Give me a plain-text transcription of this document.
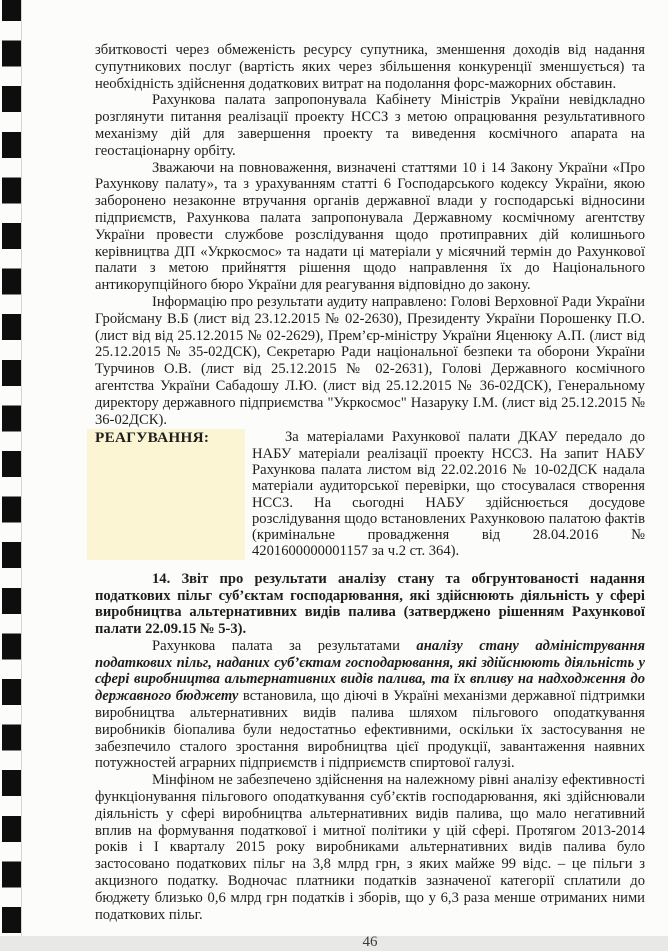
збитковості через обмеженість ресурсу супутника, зменшення доходів від надання супутникових послуг (вартість яких через збільшення конкуренції зменшується) та необхідність здійснення додаткових витрат на подолання форс-мажорних обставин.

Рахункова палата запропонувала Кабінету Міністрів України невідкладно розглянути питання реалізації проекту НССЗ з метою опрацювання результативного механізму дій для завершення проекту та виведення космічного апарата на геостаціонарну орбіту.

Зважаючи на повноваження, визначені статтями 10 і 14 Закону України «Про Рахункову палату», та з урахуванням статті 6 Господарського кодексу України, якою заборонено незаконне втручання органів державної влади у господарські відносини підприємств, Рахункова палата запропонувала Державному космічному агентству України провести службове розслідування щодо протиправних дій колишнього керівництва ДП «Укркосмос» та надати ці матеріали у місячний термін до Рахункової палати з метою прийняття рішення щодо направлення їх до Національного антикорупційного бюро України для реагування відповідно до закону.

Інформацію про результати аудиту направлено: Голові Верховної Ради України Гройсману В.Б (лист від 23.12.2015 № 02-2630), Президенту України Порошенку П.О. (лист від від 25.12.2015 № 02-2629), Прем’єр-міністру України Яценюку А.П. (лист від 25.12.2015 № 35-02ДСК), Секретарю Ради національної безпеки та оборони України Турчинов О.В. (лист від 25.12.2015 № 02-2631), Голові Державного космічного агентства України Сабадошу Л.Ю. (лист від 25.12.2015 № 36-02ДСК), Генеральному директору державного підприємства "Укркосмос" Назаруку І.М. (лист від 25.12.2015 № 36-02ДСК).

РЕАГУВАННЯ:	За матеріалами Рахункової палати ДКАУ передало до НАБУ матеріали реалізації проекту НССЗ. На запит НАБУ Рахункова палата листом від 22.02.2016 № 10-02ДСК надала матеріали аудиторської перевірки, що стосувалася створення НССЗ. На сьогодні НАБУ здійснюється досудове розслідування щодо встановлених Рахунковою палатою фактів (кримінальне провадження від 28.04.2016 № 4201600000001157 за ч.2 ст. 364).

14. Звіт про результати аналізу стану та обгрунтованості надання податкових пільг суб’єктам господарювання, які здійснюють діяльність у сфері виробництва альтернативних видів палива (затверджено рішенням Рахункової палати 22.09.15 № 5-3).

Рахункова палата за результатами аналізу стану адміністрування податкових пільг, наданих суб’єктам господарювання, які здійснюють діяльність у сфері виробництва альтернативних видів палива, та їх впливу на надходження до державного бюджету встановила, що діючі в Україні механізми державної підтримки виробництва альтернативних видів палива шляхом пільгового оподаткування виробників біопалива були недостатньо ефективними, оскільки їх застосування не забезпечило сталого зростання виробництва цієї продукції, завантаження наявних потужностей аграрних підприємств і підприємств спиртової галузі.

Мінфіном не забезпечено здійснення на належному рівні аналізу ефективності функціонування пільгового оподаткування суб’єктів господарювання, які здійснювали діяльність у сфері виробництва альтернативних видів палива, що мало негативний вплив на формування податкової і митної політики у цій сфері. Протягом 2013-2014 років і І кварталу 2015 року виробниками альтернативних видів палива було застосовано податкових пільг на 3,8 млрд грн, з яких майже 99 відс. – це пільги з акцизного податку. Водночас платники податків зазначеної категорії сплатили до бюджету близько 0,6 млрд грн податків і зборів, що у 6,3 раза менше отриманих ними податкових пільг.

46
